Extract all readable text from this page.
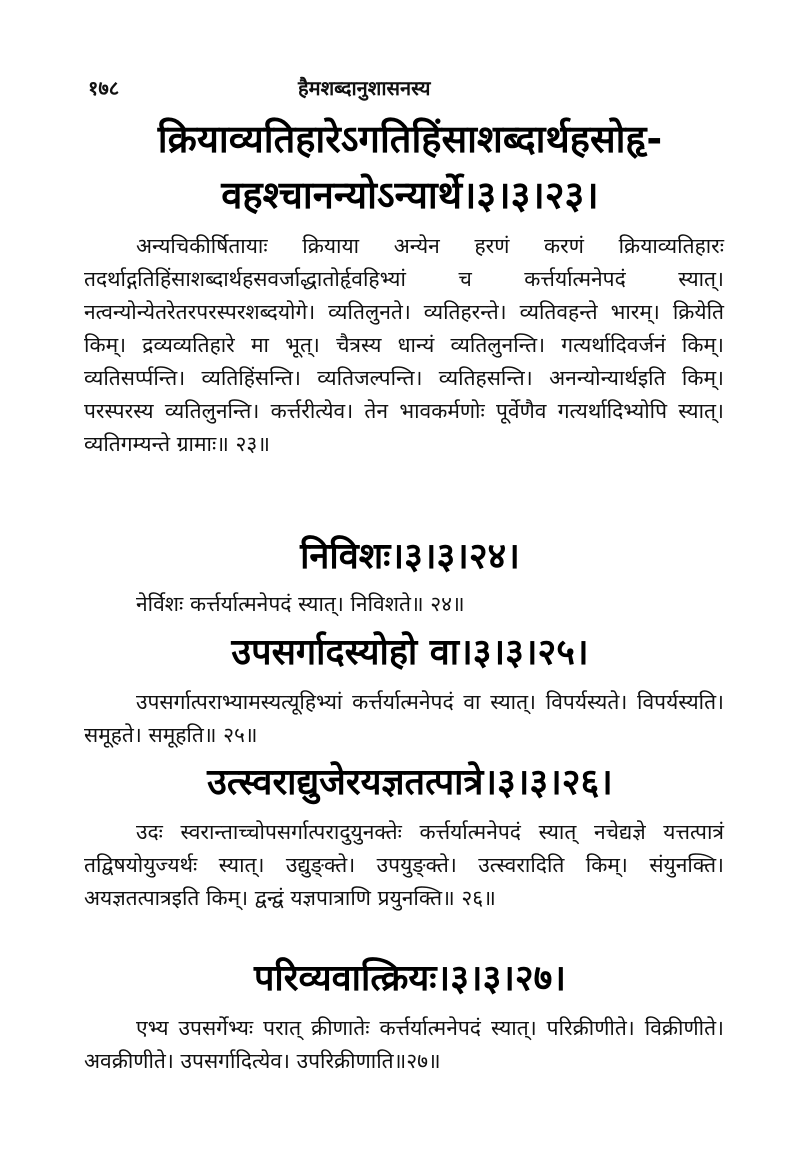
१७८	हैमशब्दानुशासनस्य
क्रियाव्यतिहारेऽगतिहिंसाशब्दार्थहसोहृ-
वहश्चानन्योऽन्यार्थे।३।३।२३।

अन्यचिकीर्षितायाः क्रियाया अन्येन हरणं करणं क्रियाव्यतिहारः तदर्थाद्गतिहिंसाशब्दार्थहसवर्जाद्धातोर्हृवहिभ्यां च कर्त्तर्यात्मनेपदं स्यात्। नत्वन्योन्येतरेतरपरस्परशब्दयोगे। व्यतिलुनते। व्यतिहरन्ते। व्यतिवहन्ते भारम्। क्रियेति किम्। द्रव्यव्यतिहारे मा भूत्। चैत्रस्य धान्यं व्यतिलुनन्ति। गत्यर्थादिवर्जनं किम्। व्यतिसर्प्पन्ति। व्यतिहिंसन्ति। व्यतिजल्पन्ति। व्यतिहसन्ति। अनन्योन्यार्थइति किम्। परस्परस्य व्यतिलुनन्ति। कर्त्तरीत्येव। तेन भावकर्मणोः पूर्वेणैव गत्यर्थादिभ्योपि स्यात्। व्यतिगम्यन्ते ग्रामाः॥ २३॥

निविशः।३।३।२४।

नेर्विशः कर्त्तर्यात्मनेपदं स्यात्। निविशते॥ २४॥

उपसर्गादस्योहो वा।३।३।२५।

उपसर्गात्पराभ्यामस्यत्यूहिभ्यां कर्त्तर्यात्मनेपदं वा स्यात्। विपर्यस्यते। विपर्यस्यति। समूहते। समूहति॥ २५॥

उत्स्वराद्युजेरयज्ञतत्पात्रे।३।३।२६।

उदः स्वरान्ताच्चोपसर्गात्परादुयुनक्तेः कर्त्तर्यात्मनेपदं स्यात् नचेद्यज्ञे यत्तत्पात्रं तद्विषयोयुज्यर्थः स्यात्। उद्युङ्क्ते। उपयुङ्क्ते। उत्स्वरादिति किम्। संयुनक्ति। अयज्ञतत्पात्रइति किम्। द्वन्द्वं यज्ञपात्राणि प्रयुनक्ति॥ २६॥

परिव्यवात्क्रियः।३।३।२७।

एभ्य उपसर्गेभ्यः परात् क्रीणातेः कर्त्तर्यात्मनेपदं स्यात्। परिक्रीणीते। विक्रीणीते। अवक्रीणीते। उपसर्गादित्येव। उपरिक्रीणाति॥२७॥
